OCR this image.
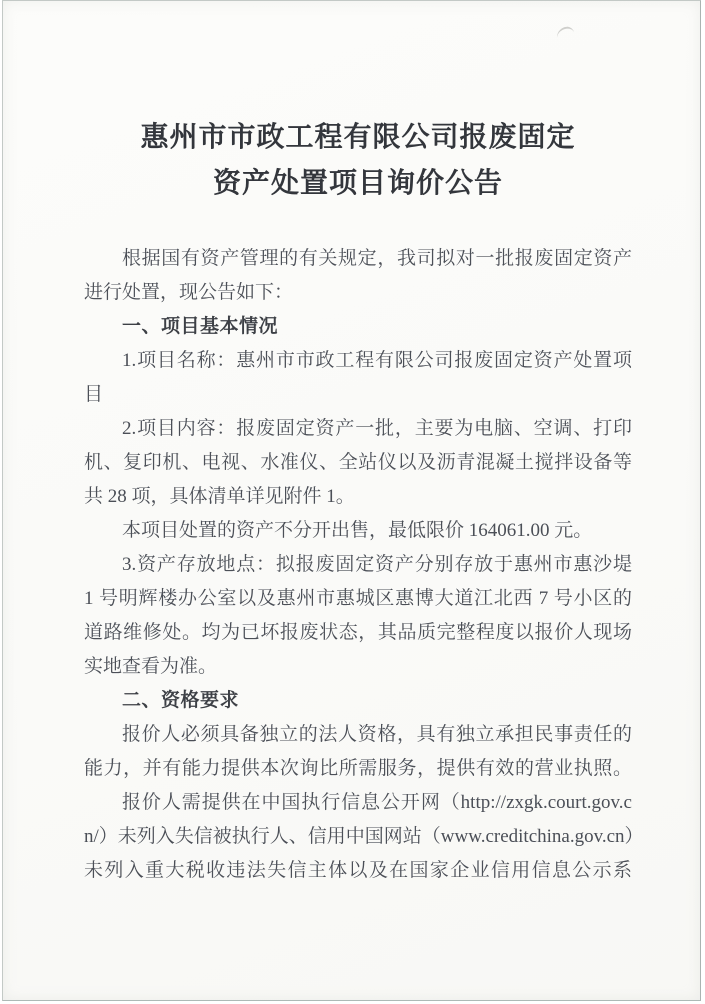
惠州市市政工程有限公司报废固定
资产处置项目询价公告
根据国有资产管理的有关规定，我司拟对一批报废固定资产
进行处置，现公告如下：
一、项目基本情况
1.项目名称：惠州市市政工程有限公司报废固定资产处置项
目
2.项目内容：报废固定资产一批，主要为电脑、空调、打印
机、复印机、电视、水准仪、全站仪以及沥青混凝土搅拌设备等
共 28 项，具体清单详见附件 1。
本项目处置的资产不分开出售，最低限价 164061.00 元。
3.资产存放地点：拟报废固定资产分别存放于惠州市惠沙堤
1 号明辉楼办公室以及惠州市惠城区惠博大道江北西 7 号小区的
道路维修处。均为已坏报废状态，其品质完整程度以报价人现场
实地查看为准。
二、资格要求
报价人必须具备独立的法人资格，具有独立承担民事责任的
能力，并有能力提供本次询比所需服务，提供有效的营业执照。
报价人需提供在中国执行信息公开网（http://zxgk.court.gov.c
n/）未列入失信被执行人、信用中国网站（www.creditchina.gov.cn）
未列入重大税收违法失信主体以及在国家企业信用信息公示系
